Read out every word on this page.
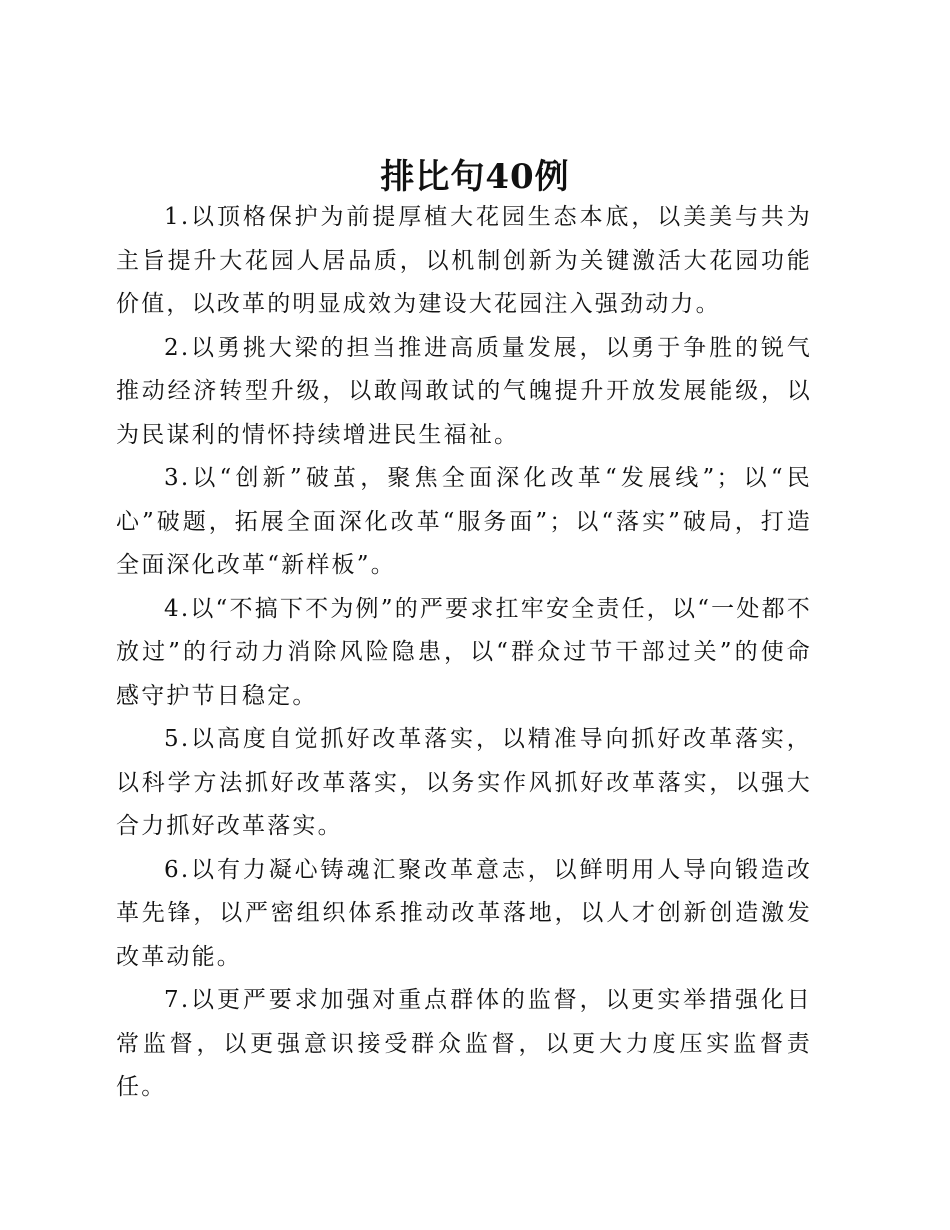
排比句40例

1.以顶格保护为前提厚植大花园生态本底，以美美与共为主旨提升大花园人居品质，以机制创新为关键激活大花园功能价值，以改革的明显成效为建设大花园注入强劲动力。

2.以勇挑大梁的担当推进高质量发展，以勇于争胜的锐气推动经济转型升级，以敢闯敢试的气魄提升开放发展能级，以为民谋利的情怀持续增进民生福祉。

3.以“创新”破茧，聚焦全面深化改革“发展线”；以“民心”破题，拓展全面深化改革“服务面”；以“落实”破局，打造全面深化改革“新样板”。

4.以“不搞下不为例”的严要求扛牢安全责任，以“一处都不放过”的行动力消除风险隐患，以“群众过节干部过关”的使命感守护节日稳定。

5.以高度自觉抓好改革落实，以精准导向抓好改革落实，以科学方法抓好改革落实，以务实作风抓好改革落实，以强大合力抓好改革落实。

6.以有力凝心铸魂汇聚改革意志，以鲜明用人导向锻造改革先锋，以严密组织体系推动改革落地，以人才创新创造激发改革动能。

7.以更严要求加强对重点群体的监督，以更实举措强化日常监督，以更强意识接受群众监督，以更大力度压实监督责任。
